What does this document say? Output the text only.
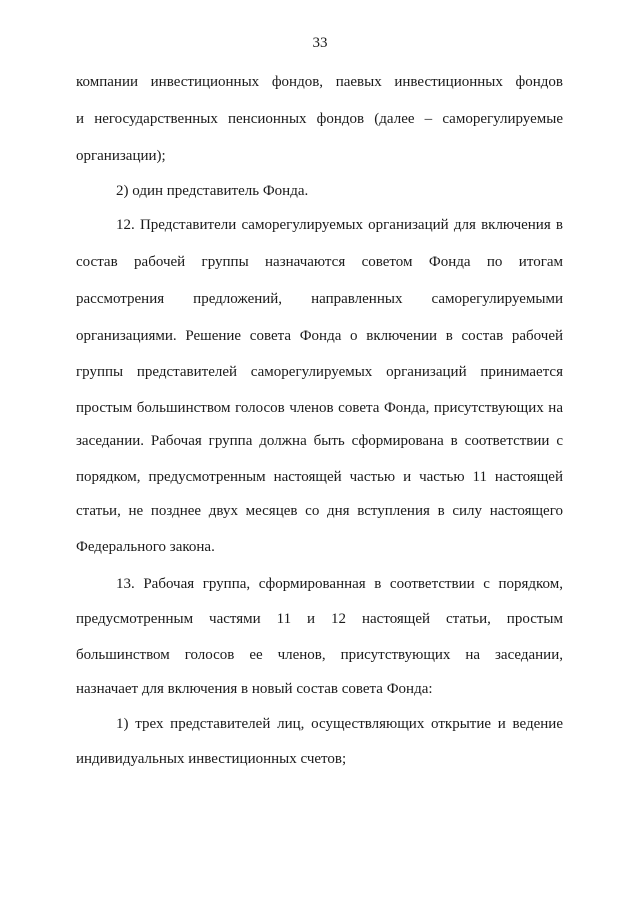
33
компании инвестиционных фондов, паевых инвестиционных фондов
и негосударственных пенсионных фондов (далее – саморегулируемые
организации);
2) один представитель Фонда.
12. Представители саморегулируемых организаций для включения в
состав рабочей группы назначаются советом Фонда по итогам
рассмотрения предложений, направленных саморегулируемыми
организациями. Решение совета Фонда о включении в состав рабочей
группы представителей саморегулируемых организаций принимается
простым большинством голосов членов совета Фонда, присутствующих на
заседании. Рабочая группа должна быть сформирована в соответствии с
порядком, предусмотренным настоящей частью и частью 11 настоящей
статьи, не позднее двух месяцев со дня вступления в силу настоящего
Федерального закона.
13. Рабочая группа, сформированная в соответствии с порядком,
предусмотренным частями 11 и 12 настоящей статьи, простым
большинством голосов ее членов, присутствующих на заседании,
назначает для включения в новый состав совета Фонда:
1) трех представителей лиц, осуществляющих открытие и ведение
индивидуальных инвестиционных счетов;
